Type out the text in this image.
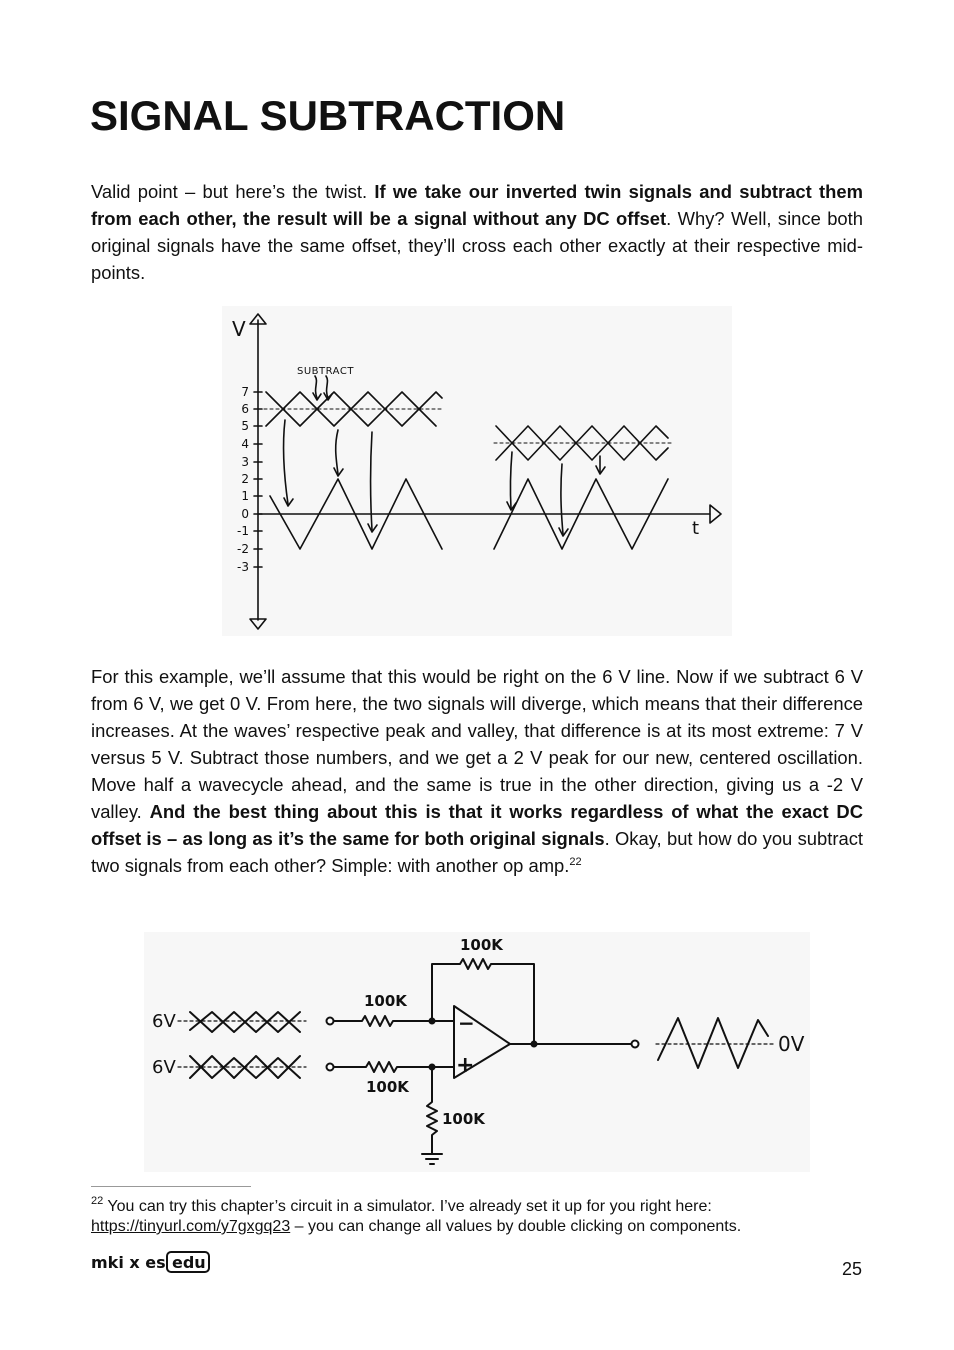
SIGNAL SUBTRACTION

Valid point – but here’s the twist. If we take our inverted twin signals and subtract them from each other, the result will be a signal without any DC offset. Why? Well, since both original signals have the same offset, they’ll cross each other exactly at their respective mid-points.

V
t
SUBTRACT
7
6
5
4
3
2
1
0
-1
-2
-3

For this example, we’ll assume that this would be right on the 6 V line. Now if we subtract 6 V from 6 V, we get 0 V. From here, the two signals will diverge, which means that their difference increases. At the waves’ respective peak and valley, that difference is at its most extreme: 7 V versus 5 V. Subtract those numbers, and we get a 2 V peak for our new, centered oscillation. Move half a wavecycle ahead, and the same is true in the other direction, giving us a -2 V valley. And the best thing about this is that it works regardless of what the exact DC offset is – as long as it’s the same for both original signals. Okay, but how do you subtract two signals from each other? Simple: with another op amp.$^{22}$

100K
100K
100K
100K
6V
6V
0V
−
+

$^{22}$ You can try this chapter’s circuit in a simulator. I’ve already set it up for you right here: https://tinyurl.com/y7gxgq23 – you can change all values by double clicking on components.

mki x es edu	25
